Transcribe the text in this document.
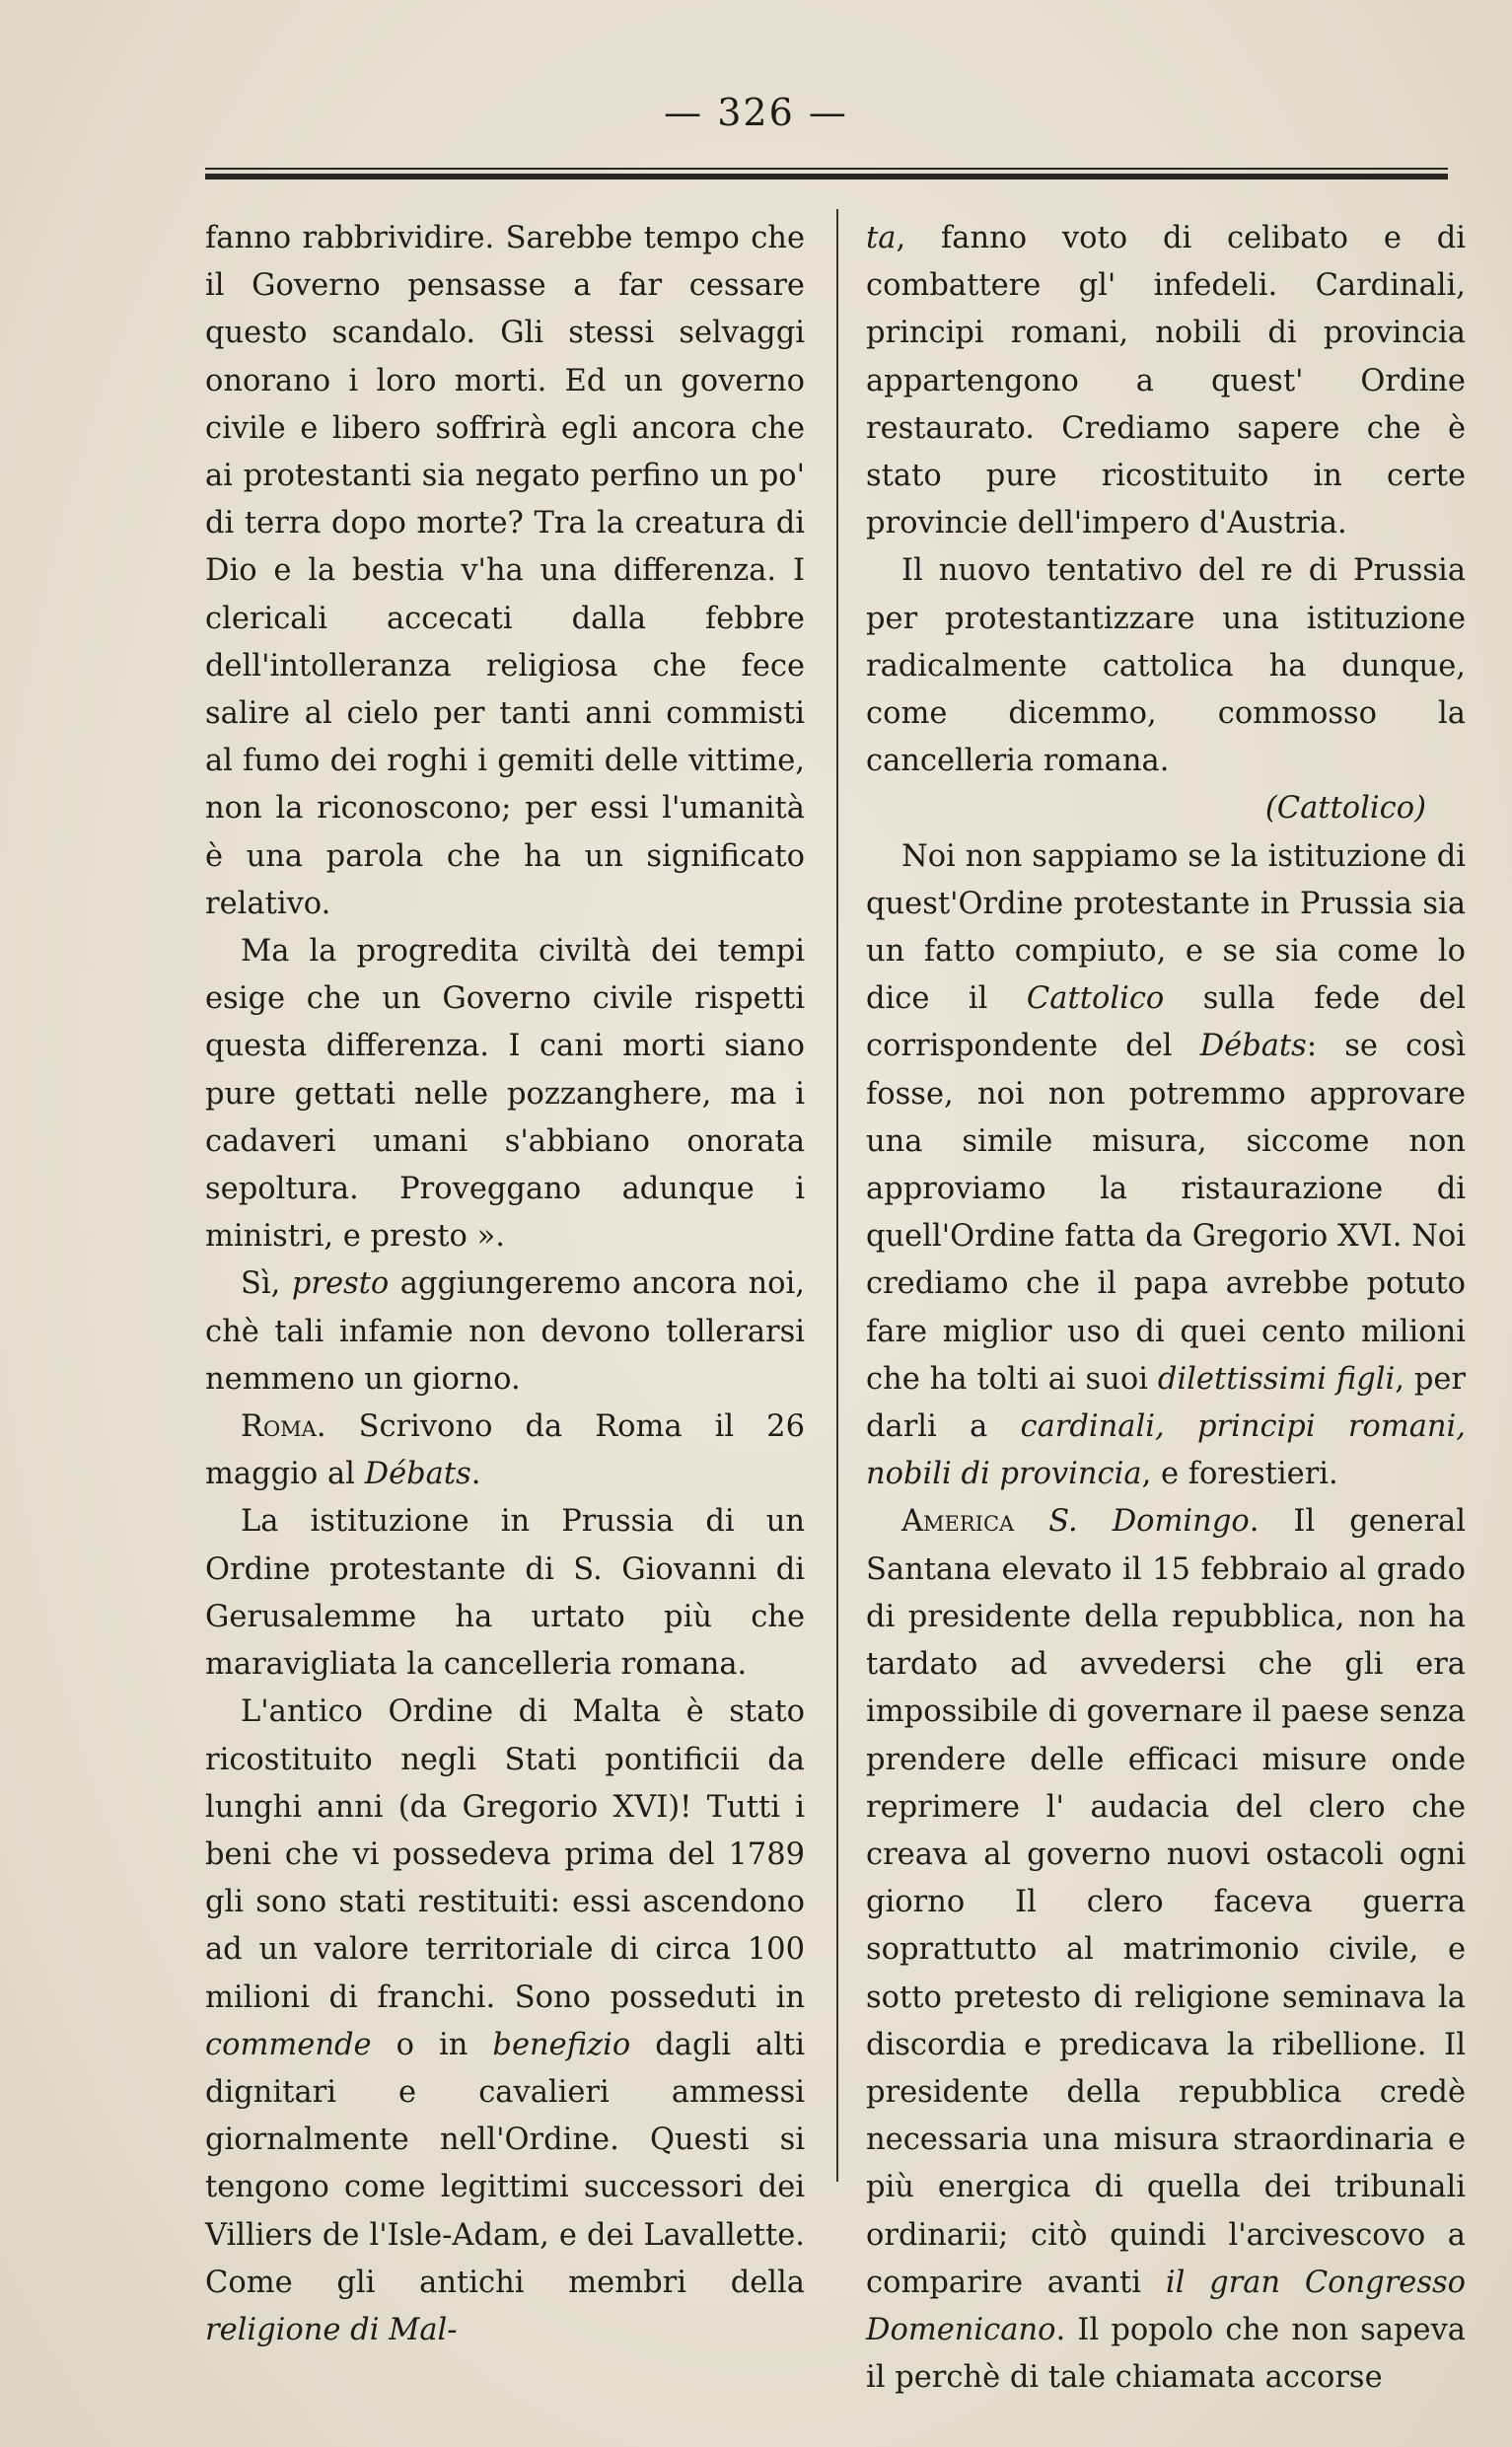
— 326 —

fanno rabbrividire. Sarebbe tempo che il Governo pensasse a far cessare questo scandalo. Gli stessi selvaggi onorano i loro morti. Ed un governo civile e libero soffrirà egli ancora che ai protestanti sia negato perfino un po' di terra dopo morte? Tra la creatura di Dio e la bestia v'ha una differenza. I clericali accecati dalla febbre dell'intolleranza religiosa che fece salire al cielo per tanti anni commisti al fumo dei roghi i gemiti delle vittime, non la riconoscono; per essi l'umanità è una parola che ha un significato relativo.

Ma la progredita civiltà dei tempi esige che un Governo civile rispetti questa differenza. I cani morti siano pure gettati nelle pozzanghere, ma i cadaveri umani s'abbiano onorata sepoltura. Proveggano adunque i ministri, e presto ».

Sì, presto aggiungeremo ancora noi, chè tali infamie non devono tollerarsi nemmeno un giorno.

Roma. Scrivono da Roma il 26 maggio al Débats.

La istituzione in Prussia di un Ordine protestante di S. Giovanni di Gerusalemme ha urtato più che maravigliata la cancelleria romana.

L'antico Ordine di Malta è stato ricostituito negli Stati pontificii da lunghi anni (da Gregorio XVI)! Tutti i beni che vi possedeva prima del 1789 gli sono stati restituiti: essi ascendono ad un valore territoriale di circa 100 milioni di franchi. Sono posseduti in commende o in benefizio dagli alti dignitari e cavalieri ammessi giornalmente nell'Ordine. Questi si tengono come legittimi successori dei Villiers de l'Isle-Adam, e dei Lavallette. Come gli antichi membri della religione di Mal-

ta, fanno voto di celibato e di combattere gl' infedeli. Cardinali, principi romani, nobili di provincia appartengono a quest' Ordine restaurato. Crediamo sapere che è stato pure ricostituito in certe provincie dell'impero d'Austria.

Il nuovo tentativo del re di Prussia per protestantizzare una istituzione radicalmente cattolica ha dunque, come dicemmo, commosso la cancelleria romana.

(Cattolico)

Noi non sappiamo se la istituzione di quest'Ordine protestante in Prussia sia un fatto compiuto, e se sia come lo dice il Cattolico sulla fede del corrispondente del Débats: se così fosse, noi non potremmo approvare una simile misura, siccome non approviamo la ristaurazione di quell'Ordine fatta da Gregorio XVI. Noi crediamo che il papa avrebbe potuto fare miglior uso di quei cento milioni che ha tolti ai suoi dilettissimi figli, per darli a cardinali, principi romani, nobili di provincia, e forestieri.

America S. Domingo. Il general Santana elevato il 15 febbraio al grado di presidente della repubblica, non ha tardato ad avvedersi che gli era impossibile di governare il paese senza prendere delle efficaci misure onde reprimere l' audacia del clero che creava al governo nuovi ostacoli ogni giorno Il clero faceva guerra soprattutto al matrimonio civile, e sotto pretesto di religione seminava la discordia e predicava la ribellione. Il presidente della repubblica credè necessaria una misura straordinaria e più energica di quella dei tribunali ordinarii; citò quindi l'arcivescovo a comparire avanti il gran Congresso Domenicano. Il popolo che non sapeva il perchè di tale chiamata accorse
